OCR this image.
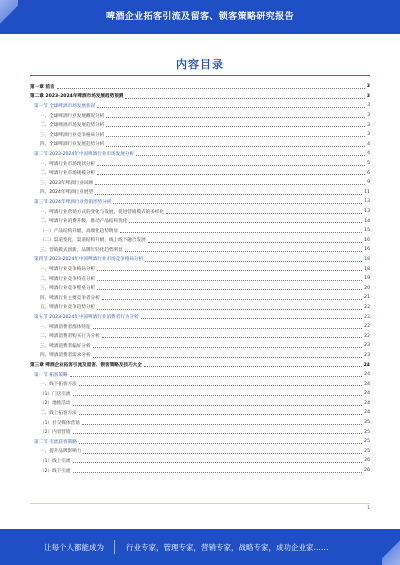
啤酒企业拓客引流及留客、锁客策略研究报告
内容目录
第一章 前言	3
第二章 2023-2024年啤酒市场发展趋势预测	3
第一节 全球啤酒市场发展状况	3
一、全球啤酒行业发展概况分析	3
二、全球啤酒市场发展趋势分析	3
三、全球啤酒行业竞争格局分析	3
四、全球啤酒行业发展趋势分析	4
第二节 2023-2024年中国啤酒行业市场发展分析	4
一、啤酒行业市场现状分析	5
二、啤酒行业市场规模分析	6
三、2023年啤酒行业回顾	9
四、2024年啤酒行业展望	11
第三节 2024年啤酒行业营销形势分析	13
一、啤酒行业营销方式的变化与发展，促进营销模式的多样化	13
二、啤酒行业消费升级，推动产品结构优化	14
（一）产品结构升级，高端化趋势明显	15
（二）渠道变化，渠道结构升级，线上线下融合发展	16
三、营销模式创新，品牌年轻化趋势明显	16
第四节 2023-2024年中国啤酒行业市场竞争格局分析	18
一、啤酒行业竞争格局分析	18
二、啤酒行业竞争特点分析	19
三、啤酒行业竞争壁垒分析	20
四、啤酒行业主要竞争者分析	21
五、啤酒行业竞争趋势分析	22
第五节 2023-2024年中国啤酒行业消费者行为分析	22
一、啤酒消费者群体特征	22
二、啤酒消费者购买行为分析	22
三、啤酒消费者偏好分析	23
四、啤酒消费者需求分析	23
第三章 啤酒企业拓客引流及留客、锁客策略及技巧大全	24
第一节 拓客策略	24
一、线下拓客方法	24
（1）门店引流	24
（2）地推活动	24
二、线上拓客方法	24
（1）社交媒体营销	25
（2）内容营销	25
第二节 引流获客策略	25
一、提升品牌影响力	25
（1）线上引流	26
（2）线下引流	26
1
让每个人都能成为	行业专家，管理专家，营销专家，战略专家，成功企业家……
